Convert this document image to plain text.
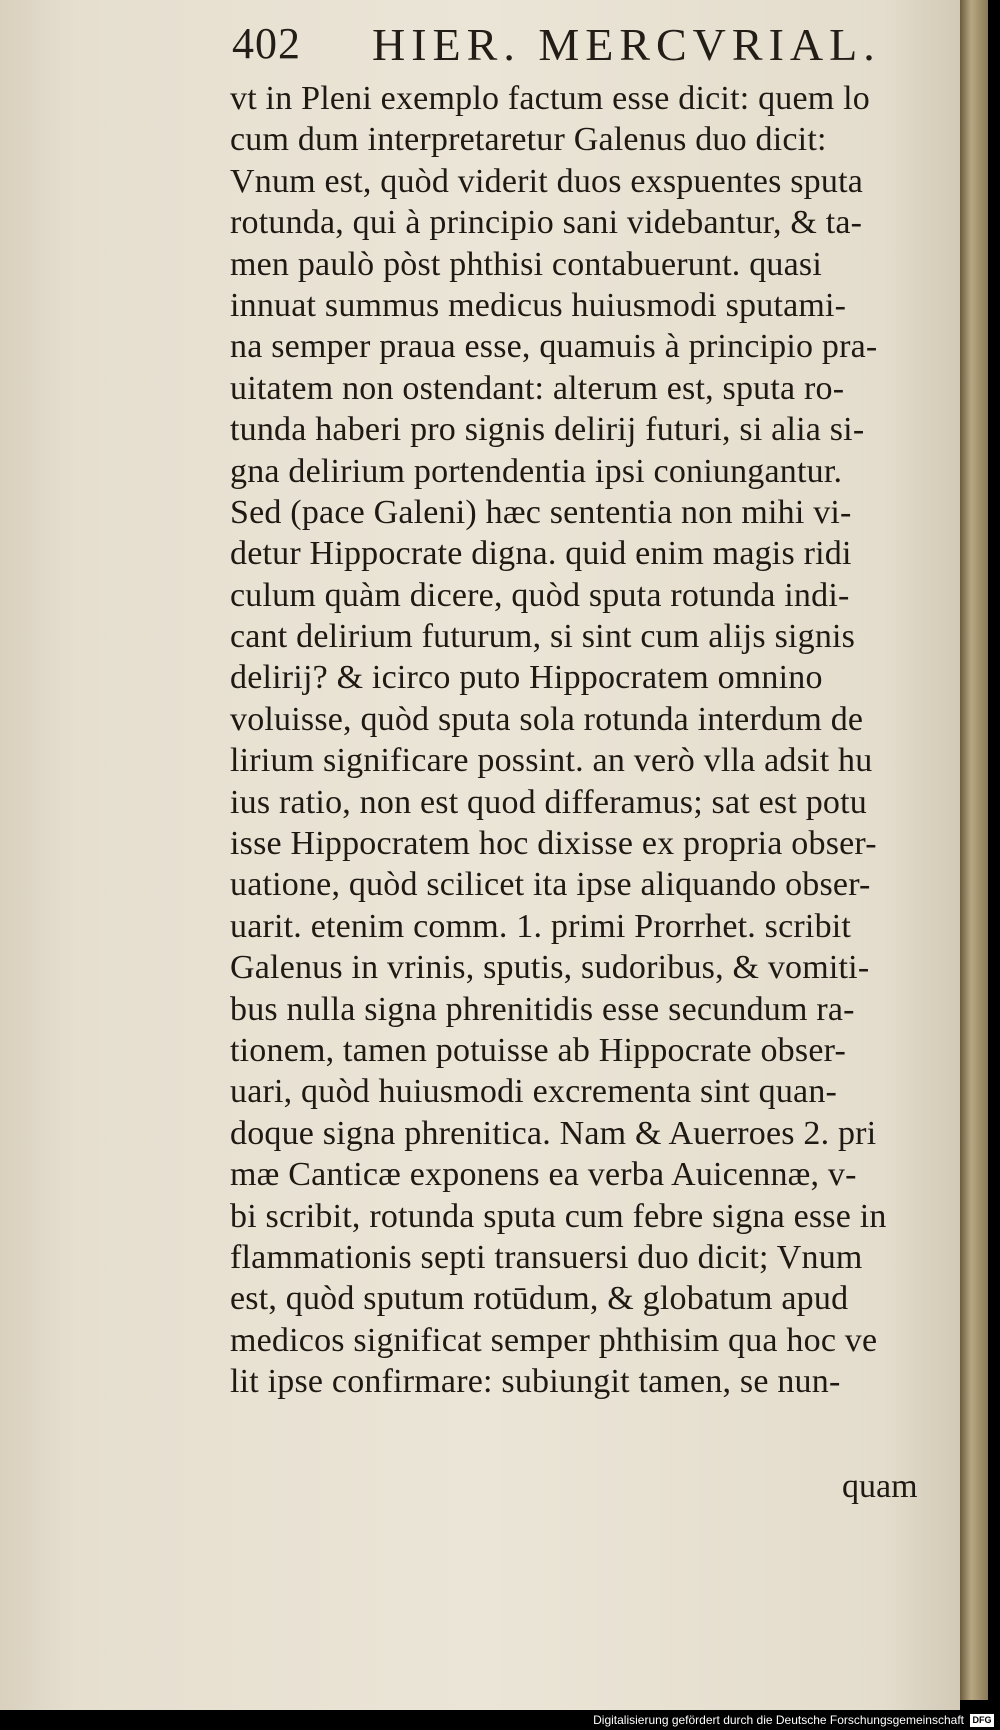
402 HIER. MERCVRIAL.
vt in Pleni exemplo factum esse dicit: quem lo
cum dum interpretaretur Galenus duo dicit:
Vnum est, quòd viderit duos exspuentes sputa
rotunda, qui à principio sani videbantur, & ta-
men paulò pòst phthisi contabuerunt. quasi
innuat summus medicus huiusmodi sputami-
na semper praua esse, quamuis à principio pra-
uitatem non ostendant: alterum est, sputa ro-
tunda haberi pro signis delirij futuri, si alia si-
gna delirium portendentia ipsi coniungantur.
Sed (pace Galeni) hæc sententia non mihi vi-
detur Hippocrate digna. quid enim magis ridi
culum quàm dicere, quòd sputa rotunda indi-
cant delirium futurum, si sint cum alijs signis
delirij? & icirco puto Hippocratem omnino
voluisse, quòd sputa sola rotunda interdum de
lirium significare possint. an verò vlla adsit hu
ius ratio, non est quod differamus; sat est potu
isse Hippocratem hoc dixisse ex propria obser-
uatione, quòd scilicet ita ipse aliquando obser-
uarit. etenim comm. 1. primi Prorrhet. scribit
Galenus in vrinis, sputis, sudoribus, & vomiti-
bus nulla signa phrenitidis esse secundum ra-
tionem, tamen potuisse ab Hippocrate obser-
uari, quòd huiusmodi excrementa sint quan-
doque signa phrenitica. Nam & Auerroes 2. pri
mæ Canticæ exponens ea verba Auicennæ, v-
bi scribit, rotunda sputa cum febre signa esse in
flammationis septi transuersi duo dicit; Vnum
est, quòd sputum rotūdum, & globatum apud
medicos significat semper phthisim qua hoc ve
lit ipse confirmare: subiungit tamen, se nun-
quam
Digitalisierung gefördert durch die Deutsche Forschungsgemeinschaft DFG
